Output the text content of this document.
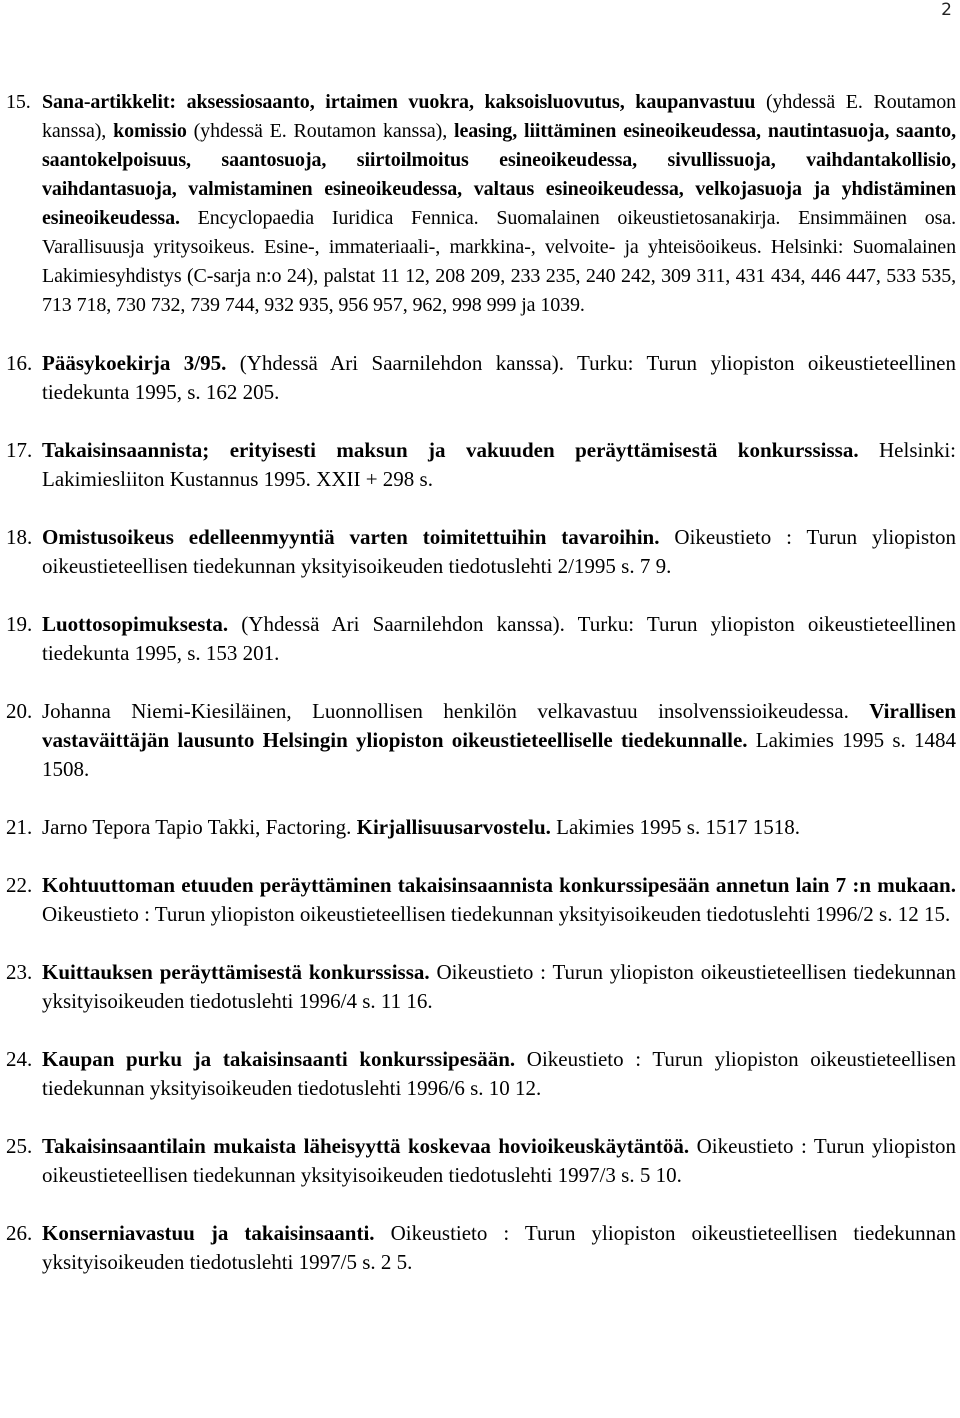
2
15. Sana-artikkelit: aksessiosaanto, irtaimen vuokra, kaksoisluovutus, kaupanvastuu (yhdessä E. Routamon kanssa), komissio (yhdessä E. Routamon kanssa), leasing, liittäminen esineoikeudessa, nautintasuoja, saanto, saantokelpoisuus, saantosuoja, siirtoilmoitus esineoikeudessa, sivullissuoja, vaihdantakollisio, vaihdantasuoja, valmistaminen esineoikeudessa, valtaus esineoikeudessa, velkojasuoja ja yhdistäminen esineoikeudessa. Encyclopaedia Iuridica Fennica. Suomalainen oikeustietosanakirja. Ensimmäinen osa. Varallisuusja yritysoikeus. Esine-, immateriaali-, markkina-, velvoite- ja yhteisöoikeus. Helsinki: Suomalainen Lakimiesyhdistys (C-sarja n:o 24), palstat 11 12, 208 209, 233 235, 240 242, 309 311, 431 434, 446 447, 533 535, 713 718, 730 732, 739 744, 932 935, 956 957, 962, 998 999 ja 1039.
16. Pääsykoekirja 3/95. (Yhdessä Ari Saarnilehdon kanssa). Turku: Turun yliopiston oikeustieteellinen tiedekunta 1995, s. 162 205.
17. Takaisinsaannista; erityisesti maksun ja vakuuden peräyttämisestä konkurssissa. Helsinki: Lakimiesliiton Kustannus 1995. XXII + 298 s.
18. Omistusoikeus edelleenmyyntiä varten toimitettuihin tavaroihin. Oikeustieto : Turun yliopiston oikeustieteellisen tiedekunnan yksityisoikeuden tiedotuslehti 2/1995 s. 7 9.
19. Luottosopimuksesta. (Yhdessä Ari Saarnilehdon kanssa). Turku: Turun yliopiston oikeustieteellinen tiedekunta 1995, s. 153 201.
20. Johanna Niemi-Kiesiläinen, Luonnollisen henkilön velkavastuu insolvenssioikeudessa. Virallisen vastaväittäjän lausunto Helsingin yliopiston oikeustieteelliselle tiedekunnalle. Lakimies 1995 s. 1484 1508.
21. Jarno Tepora Tapio Takki, Factoring. Kirjallisuusarvostelu. Lakimies 1995 s. 1517 1518.
22. Kohtuuttoman etuuden peräyttäminen takaisinsaannista konkurssipesään annetun lain 7 :n mukaan. Oikeustieto : Turun yliopiston oikeustieteellisen tiedekunnan yksityisoikeuden tiedotuslehti 1996/2 s. 12 15.
23. Kuittauksen peräyttämisestä konkurssissa. Oikeustieto : Turun yliopiston oikeustieteellisen tiedekunnan yksityisoikeuden tiedotuslehti 1996/4 s. 11 16.
24. Kaupan purku ja takaisinsaanti konkurssipesään. Oikeustieto : Turun yliopiston oikeustieteellisen tiedekunnan yksityisoikeuden tiedotuslehti 1996/6 s. 10 12.
25. Takaisinsaantilain mukaista läheisyyttä koskevaa hovioikeuskäytäntöä. Oikeustieto : Turun yliopiston oikeustieteellisen tiedekunnan yksityisoikeuden tiedotuslehti 1997/3 s. 5 10.
26. Konserniavastuu ja takaisinsaanti. Oikeustieto : Turun yliopiston oikeustieteellisen tiedekunnan yksityisoikeuden tiedotuslehti 1997/5 s. 2 5.
